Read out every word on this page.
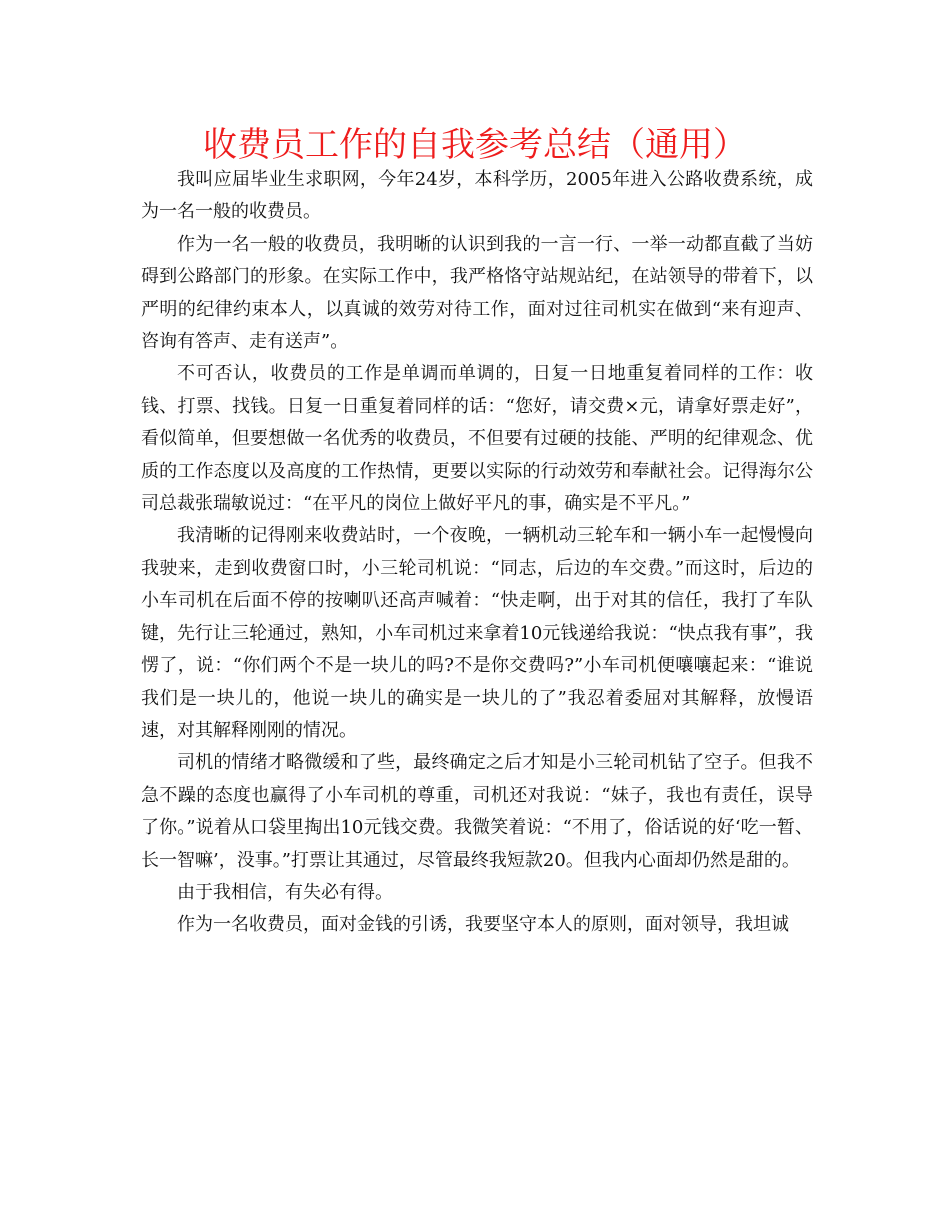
收费员工作的自我参考总结（通用）

我叫应届毕业生求职网，今年24岁，本科学历，2005年进入公路收费系统，成为一名一般的收费员。

作为一名一般的收费员，我明晰的认识到我的一言一行、一举一动都直截了当妨碍到公路部门的形象。在实际工作中，我严格恪守站规站纪，在站领导的带着下，以严明的纪律约束本人，以真诚的效劳对待工作，面对过往司机实在做到“来有迎声、咨询有答声、走有送声”。

不可否认，收费员的工作是单调而单调的，日复一日地重复着同样的工作：收钱、打票、找钱。日复一日重复着同样的话：“您好，请交费×元，请拿好票走好”，看似简单，但要想做一名优秀的收费员，不但要有过硬的技能、严明的纪律观念、优质的工作态度以及高度的工作热情，更要以实际的行动效劳和奉献社会。记得海尔公司总裁张瑞敏说过：“在平凡的岗位上做好平凡的事，确实是不平凡。”

我清晰的记得刚来收费站时，一个夜晚，一辆机动三轮车和一辆小车一起慢慢向我驶来，走到收费窗口时，小三轮司机说：“同志，后边的车交费。”而这时，后边的小车司机在后面不停的按喇叭还高声喊着：“快走啊，出于对其的信任，我打了车队键，先行让三轮通过，熟知，小车司机过来拿着10元钱递给我说：“快点我有事”，我愣了，说：“你们两个不是一块儿的吗?不是你交费吗?”小车司机便嚷嚷起来：“谁说我们是一块儿的，他说一块儿的确实是一块儿的了”我忍着委屈对其解释，放慢语速，对其解释刚刚的情况。

司机的情绪才略微缓和了些，最终确定之后才知是小三轮司机钻了空子。但我不急不躁的态度也赢得了小车司机的尊重，司机还对我说：“妹子，我也有责任，误导了你。”说着从口袋里掏出10元钱交费。我微笑着说：“不用了，俗话说的好‘吃一暂、长一智嘛’，没事。”打票让其通过，尽管最终我短款20。但我内心面却仍然是甜的。

由于我相信，有失必有得。

作为一名收费员，面对金钱的引诱，我要坚守本人的原则，面对领导，我坦诚
